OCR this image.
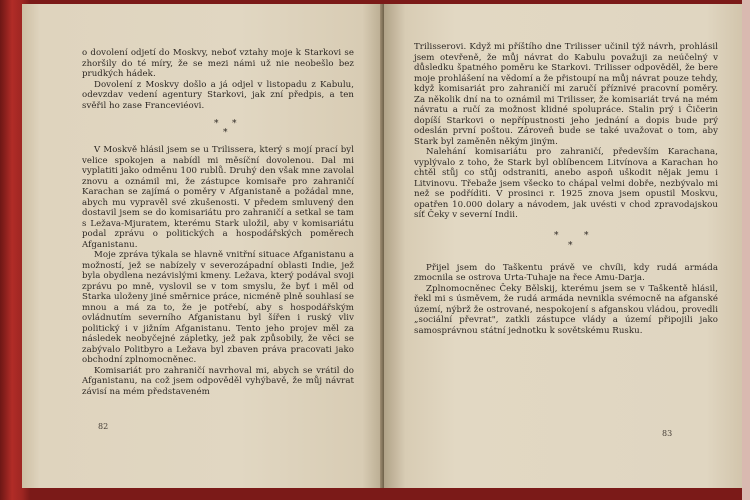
o dovolení odjetí do Moskvy, neboť vztahy moje k Starkovi se zhoršily do té míry, že se mezi námi už nie neobešlo bez prudkých hádek.

Dovolení z Moskvy došlo a já odjel v listopadu z Kabulu, odevzdav vedení agentury Starkovi, jak zní předpis, a ten svěřil ho zase Franceviéovi.

* *
*

V Moskvě hlásil jsem se u Trilissera, který s mojí prací byl velice spokojen a nabídl mi měsíční dovolenou. Dal mi vyplatiti jako odměnu 100 rublů. Druhý den však mne zavolal znovu a oznámil mi, že zástupce komisaře pro zahraničí Karachan se zajímá o poměry v Afganistaně a požádal mne, abych mu vypravěl své zkušenosti. V předem smluvený den dostavil jsem se do komisariátu pro zahraničí a setkal se tam s Ležava-Mjuratem, kterému Stark uložil, aby v komisariátu podal zprávu o politických a hospodářských poměrech Afganistanu.

Moje zpráva týkala se hlavně vnitřní situace Afganistanu a možností, jež se nabízely v severozápadní oblasti Indie, jež byla obydlena nezávislými kmeny. Ležava, který podával svoji zprávu po mně, vyslovil se v tom smyslu, že byť i měl od Starka uloženy jiné směrnice práce, nicméně plně souhlasí se mnou a má za to, že je potřebí, aby s hospodářským ovládnutím severního Afganistanu byl šířen i ruský vliv politický i v jižním Afganistanu. Tento jeho projev měl za následek neobyčejné zápletky, jež pak způsobily, že věci se zabývalo Politbyro a Ležava byl zbaven práva pracovati jako obchodní zplnomocněnec.

Komisariát pro zahraničí navrhoval mi, abych se vrátil do Afganistanu, na což jsem odpověděl vyhýbavě, že můj návrat závisí na mém představeném

82

Trilisserovi. Když mi příštího dne Trilisser učinil týž návrh, prohlásil jsem otevřeně, že můj návrat do Kabulu považuji za neúčelný v důsledku špatného poměru ke Starkovi. Trilisser odpověděl, že bere moje prohlášení na vědomí a že přistoupí na můj návrat pouze tehdy, když komisariát pro zahraničí mi zaručí příznivé pracovní poměry. Za několik dní na to oznámil mi Trilisser, že komisariát trvá na mém návratu a ručí za možnost klidné spolupráce. Stalin prý i Čičerin dopíší Starkovi o nepřípustnosti jeho jednání a dopis bude prý odeslán první poštou. Zároveň bude se také uvažovat o tom, aby Stark byl zaměněn někým jiným.

Nalehání komisariátu pro zahraničí, především Karachana, vyplývalo z toho, že Stark byl oblíbencem Litvínova a Karachan ho chtěl stůj co stůj odstraniti, anebo aspoň uškodit nějak jemu i Litvinovu. Třebaže jsem všecko to chápal velmi dobře, nezbývalo mi než se podříditi. V prosinci r. 1925 znova jsem opustil Moskvu, opatřen 10.000 dolary a návodem, jak uvésti v chod zpravodajskou síť Čeky v severní Indii.

*	*
*

Přijel jsem do Taškentu právě ve chvíli, kdy rudá armáda zmocnila se ostrova Urta-Tuhaje na řece Amu-Darja.

Zplnomocněnec Čeky Bělskij, kterému jsem se v Taškentě hlásil, řekl mi s úsměvem, že rudá armáda nevnikla svémocně na afganské území, nýbrž že ostrované, nespokojení s afganskou vládou, provedli „sociální převrat", zatkli zástupce vlády a území připojili jako samosprávnou státní jednotku k sovětskému Rusku.

83
